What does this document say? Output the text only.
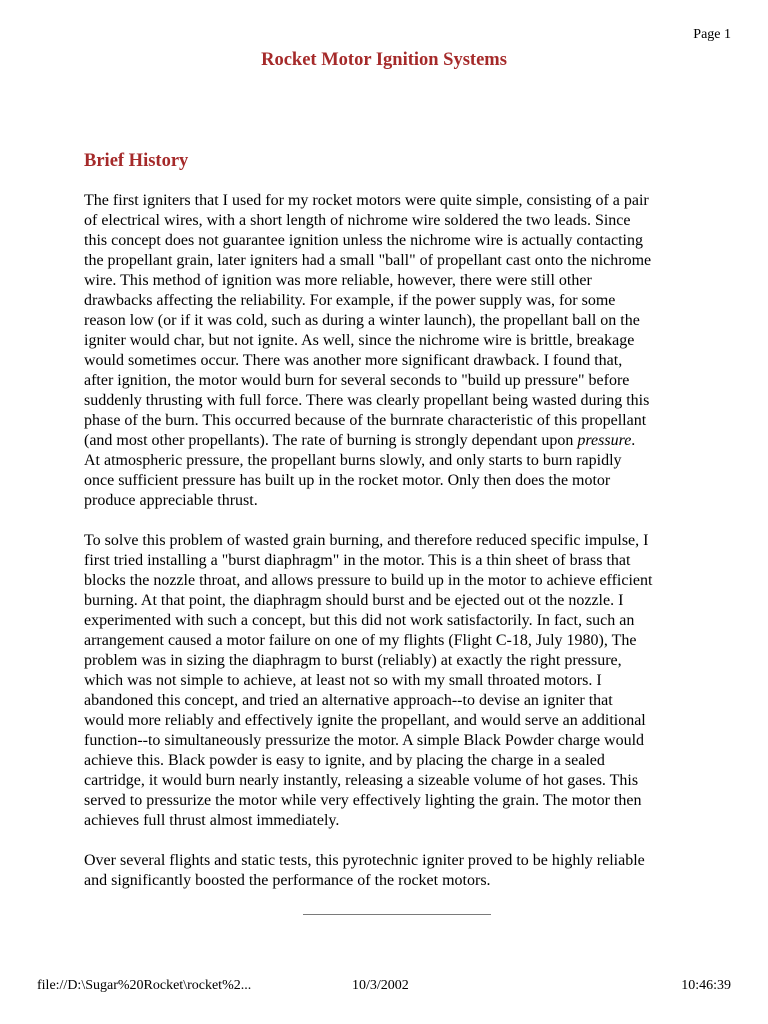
Page 1
Rocket Motor Ignition Systems
Brief History

The first igniters that I used for my rocket motors were quite simple, consisting of a pair
of electrical wires, with a short length of nichrome wire soldered the two leads. Since
this concept does not guarantee ignition unless the nichrome wire is actually contacting
the propellant grain, later igniters had a small "ball" of propellant cast onto the nichrome
wire. This method of ignition was more reliable, however, there were still other
drawbacks affecting the reliability. For example, if the power supply was, for some
reason low (or if it was cold, such as during a winter launch), the propellant ball on the
igniter would char, but not ignite. As well, since the nichrome wire is brittle, breakage
would sometimes occur. There was another more significant drawback. I found that,
after ignition, the motor would burn for several seconds to "build up pressure" before
suddenly thrusting with full force. There was clearly propellant being wasted during this
phase of the burn. This occurred because of the burnrate characteristic of this propellant
(and most other propellants). The rate of burning is strongly dependant upon pressure.
At atmospheric pressure, the propellant burns slowly, and only starts to burn rapidly
once sufficient pressure has built up in the rocket motor. Only then does the motor
produce appreciable thrust.

To solve this problem of wasted grain burning, and therefore reduced specific impulse, I
first tried installing a "burst diaphragm" in the motor. This is a thin sheet of brass that
blocks the nozzle throat, and allows pressure to build up in the motor to achieve efficient
burning. At that point, the diaphragm should burst and be ejected out ot the nozzle. I
experimented with such a concept, but this did not work satisfactorily. In fact, such an
arrangement caused a motor failure on one of my flights (Flight C-18, July 1980), The
problem was in sizing the diaphragm to burst (reliably) at exactly the right pressure,
which was not simple to achieve, at least not so with my small throated motors. I
abandoned this concept, and tried an alternative approach--to devise an igniter that
would more reliably and effectively ignite the propellant, and would serve an additional
function--to simultaneously pressurize the motor. A simple Black Powder charge would
achieve this. Black powder is easy to ignite, and by placing the charge in a sealed
cartridge, it would burn nearly instantly, releasing a sizeable volume of hot gases. This
served to pressurize the motor while very effectively lighting the grain. The motor then
achieves full thrust almost immediately.

Over several flights and static tests, this pyrotechnic igniter proved to be highly reliable
and significantly boosted the performance of the rocket motors.

file://D:\Sugar%20Rocket\rocket%2...	10/3/2002	10:46:39
